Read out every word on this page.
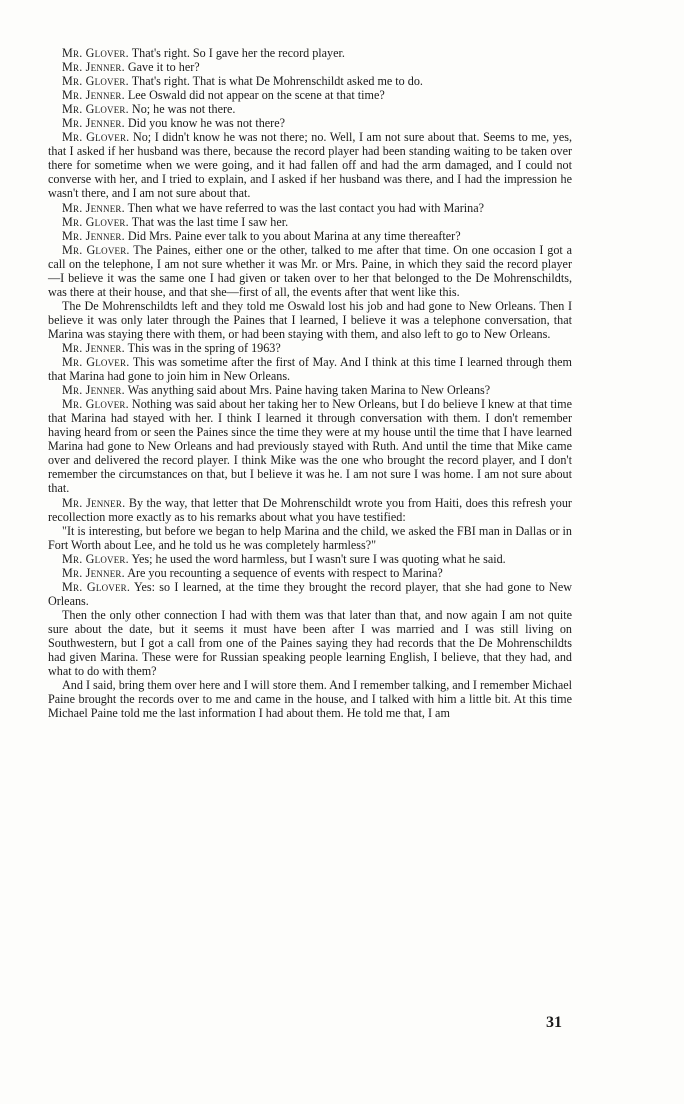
Mr. Glover. That's right. So I gave her the record player.

Mr. Jenner. Gave it to her?

Mr. Glover. That's right. That is what De Mohrenschildt asked me to do.

Mr. Jenner. Lee Oswald did not appear on the scene at that time?

Mr. Glover. No; he was not there.

Mr. Jenner. Did you know he was not there?

Mr. Glover. No; I didn't know he was not there; no. Well, I am not sure about that. Seems to me, yes, that I asked if her husband was there, because the record player had been standing waiting to be taken over there for sometime when we were going, and it had fallen off and had the arm damaged, and I could not converse with her, and I tried to explain, and I asked if her husband was there, and I had the impression he wasn't there, and I am not sure about that.

Mr. Jenner. Then what we have referred to was the last contact you had with Marina?

Mr. Glover. That was the last time I saw her.

Mr. Jenner. Did Mrs. Paine ever talk to you about Marina at any time thereafter?

Mr. Glover. The Paines, either one or the other, talked to me after that time. On one occasion I got a call on the telephone, I am not sure whether it was Mr. or Mrs. Paine, in which they said the record player—I believe it was the same one I had given or taken over to her that belonged to the De Mohrenschildts, was there at their house, and that she—first of all, the events after that went like this.

The De Mohrenschildts left and they told me Oswald lost his job and had gone to New Orleans. Then I believe it was only later through the Paines that I learned, I believe it was a telephone conversation, that Marina was staying there with them, or had been staying with them, and also left to go to New Orleans.

Mr. Jenner. This was in the spring of 1963?

Mr. Glover. This was sometime after the first of May. And I think at this time I learned through them that Marina had gone to join him in New Orleans.

Mr. Jenner. Was anything said about Mrs. Paine having taken Marina to New Orleans?

Mr. Glover. Nothing was said about her taking her to New Orleans, but I do believe I knew at that time that Marina had stayed with her. I think I learned it through conversation with them. I don't remember having heard from or seen the Paines since the time they were at my house until the time that I have learned Marina had gone to New Orleans and had previously stayed with Ruth. And until the time that Mike came over and delivered the record player. I think Mike was the one who brought the record player, and I don't remember the circumstances on that, but I believe it was he. I am not sure I was home. I am not sure about that.

Mr. Jenner. By the way, that letter that De Mohrenschildt wrote you from Haiti, does this refresh your recollection more exactly as to his remarks about what you have testified:

"It is interesting, but before we began to help Marina and the child, we asked the FBI man in Dallas or in Fort Worth about Lee, and he told us he was completely harmless?"

Mr. Glover. Yes; he used the word harmless, but I wasn't sure I was quoting what he said.

Mr. Jenner. Are you recounting a sequence of events with respect to Marina?

Mr. Glover. Yes: so I learned, at the time they brought the record player, that she had gone to New Orleans.

Then the only other connection I had with them was that later than that, and now again I am not quite sure about the date, but it seems it must have been after I was married and I was still living on Southwestern, but I got a call from one of the Paines saying they had records that the De Mohrenschildts had given Marina. These were for Russian speaking people learning English, I believe, that they had, and what to do with them?

And I said, bring them over here and I will store them. And I remember talking, and I remember Michael Paine brought the records over to me and came in the house, and I talked with him a little bit. At this time Michael Paine told me the last information I had about them. He told me that, I am

31
